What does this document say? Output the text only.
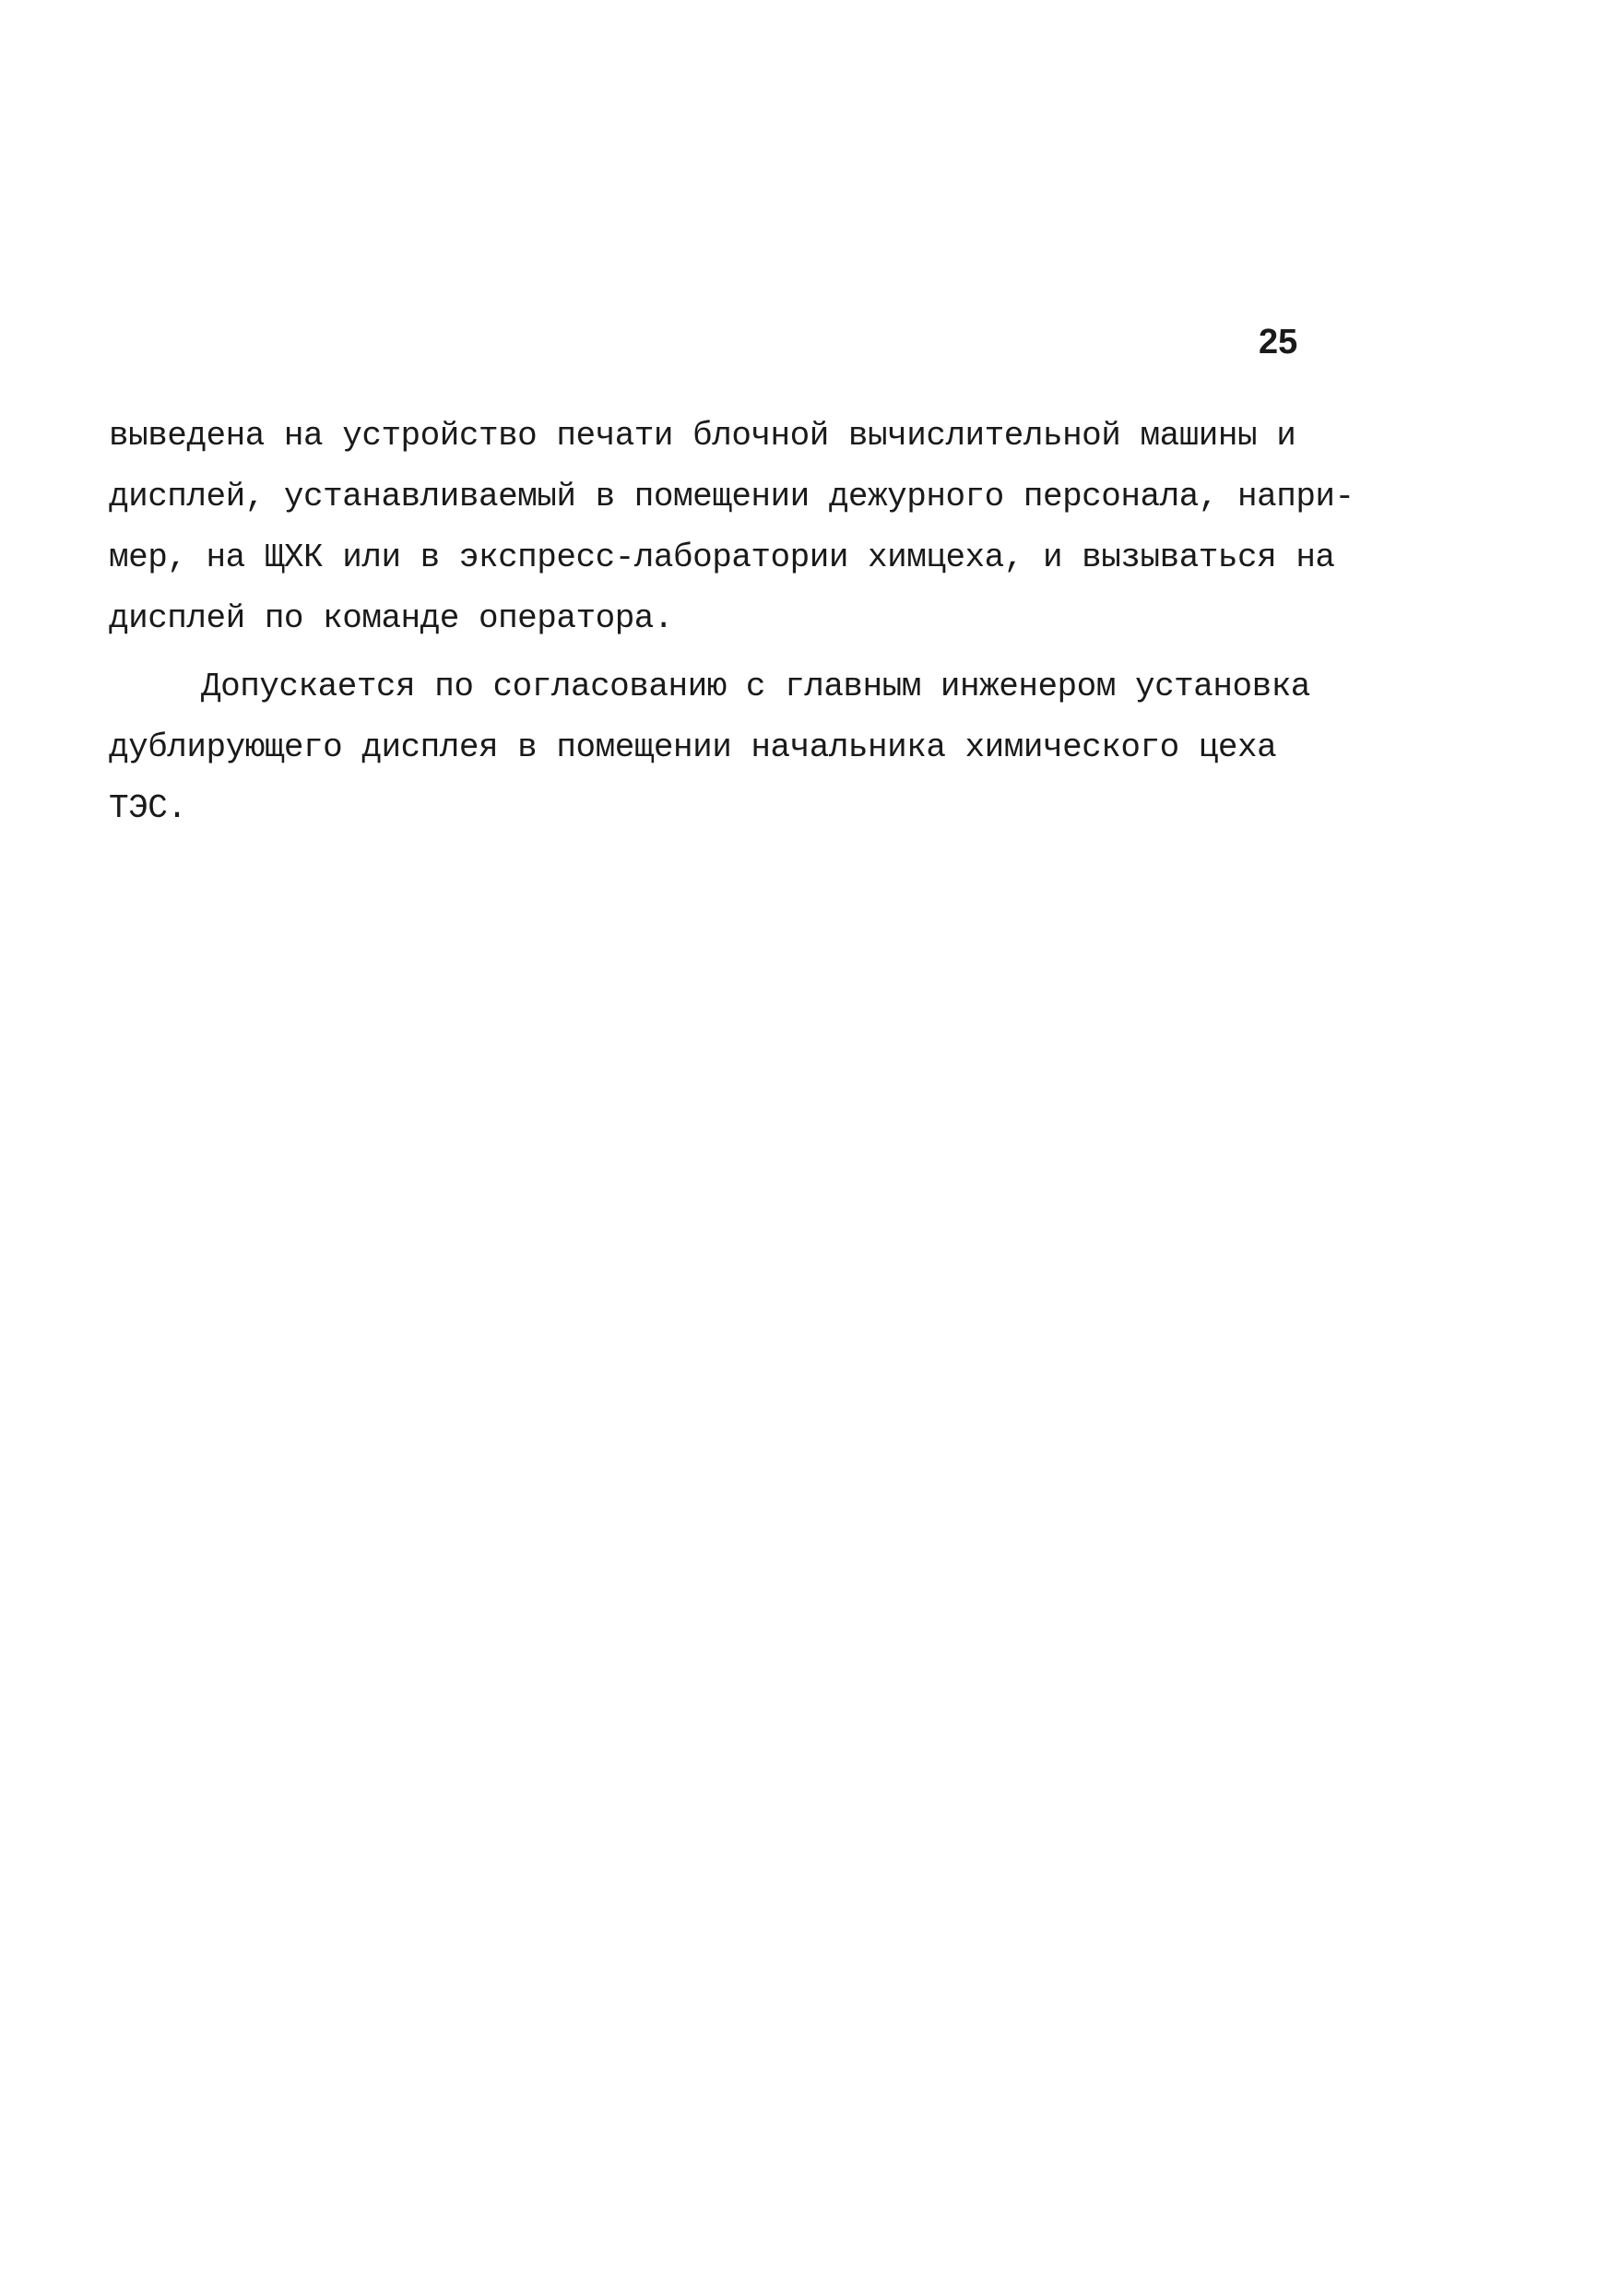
25
выведена на устройство печати блочной вычислительной машины и
дисплей, устанавливаемый в помещении дежурного персонала, напри-
мер, на ЩХК или в экспресс-лаборатории химцеха, и вызываться на
дисплей по команде оператора.
Допускается по согласованию с главным инженером установка
дублирующего дисплея в помещении начальника химического цеха
ТЭС.
